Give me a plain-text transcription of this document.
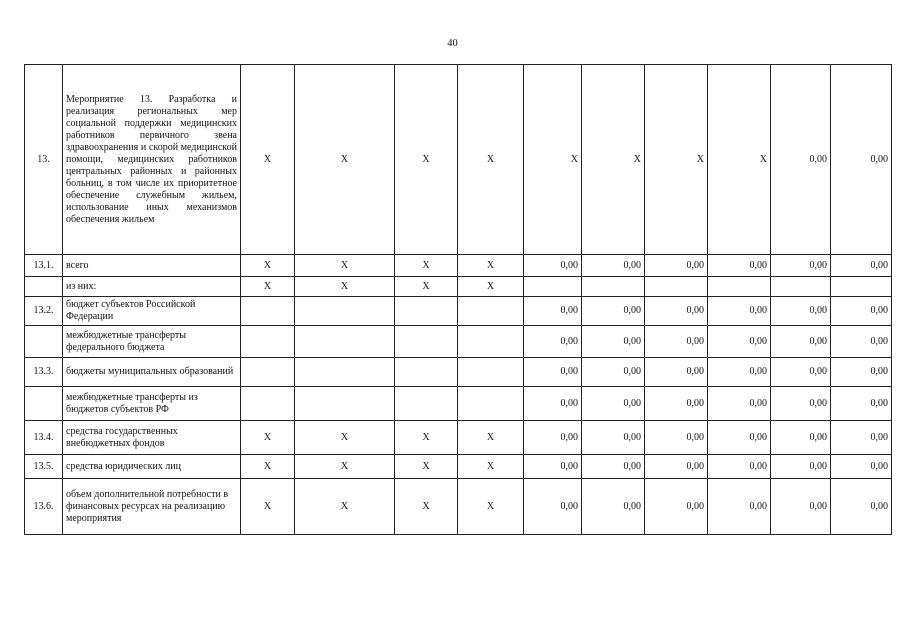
40
13.	Мероприятие 13. Разработка и реализация региональных мер социальной поддержки медицинских работников первичного звена здравоохранения и скорой медицинской помощи, медицинских работников центральных районных и районных больниц, в том числе их приоритетное обеспечение служебным жильем, использование иных механизмов обеспечения жильем	Х	Х	Х	Х	Х	Х	Х	Х	0,00	0,00
13.1.	всего	Х	Х	Х	Х	0,00	0,00	0,00	0,00	0,00	0,00
	из них:	Х	Х	Х	Х						
13.2.	бюджет субъектов Российской Федерации					0,00	0,00	0,00	0,00	0,00	0,00
	межбюджетные трансферты федерального бюджета					0,00	0,00	0,00	0,00	0,00	0,00
13.3.	бюджеты муниципальных образований					0,00	0,00	0,00	0,00	0,00	0,00
	межбюджетные трансферты из бюджетов субъектов РФ					0,00	0,00	0,00	0,00	0,00	0,00
13.4.	средства государственных внебюджетных фондов	Х	Х	Х	Х	0,00	0,00	0,00	0,00	0,00	0,00
13.5.	средства юридических лиц	Х	Х	Х	Х	0,00	0,00	0,00	0,00	0,00	0,00
13.6.	объем дополнительной потребности в финансовых ресурсах на реализацию мероприятия	Х	Х	Х	Х	0,00	0,00	0,00	0,00	0,00	0,00
